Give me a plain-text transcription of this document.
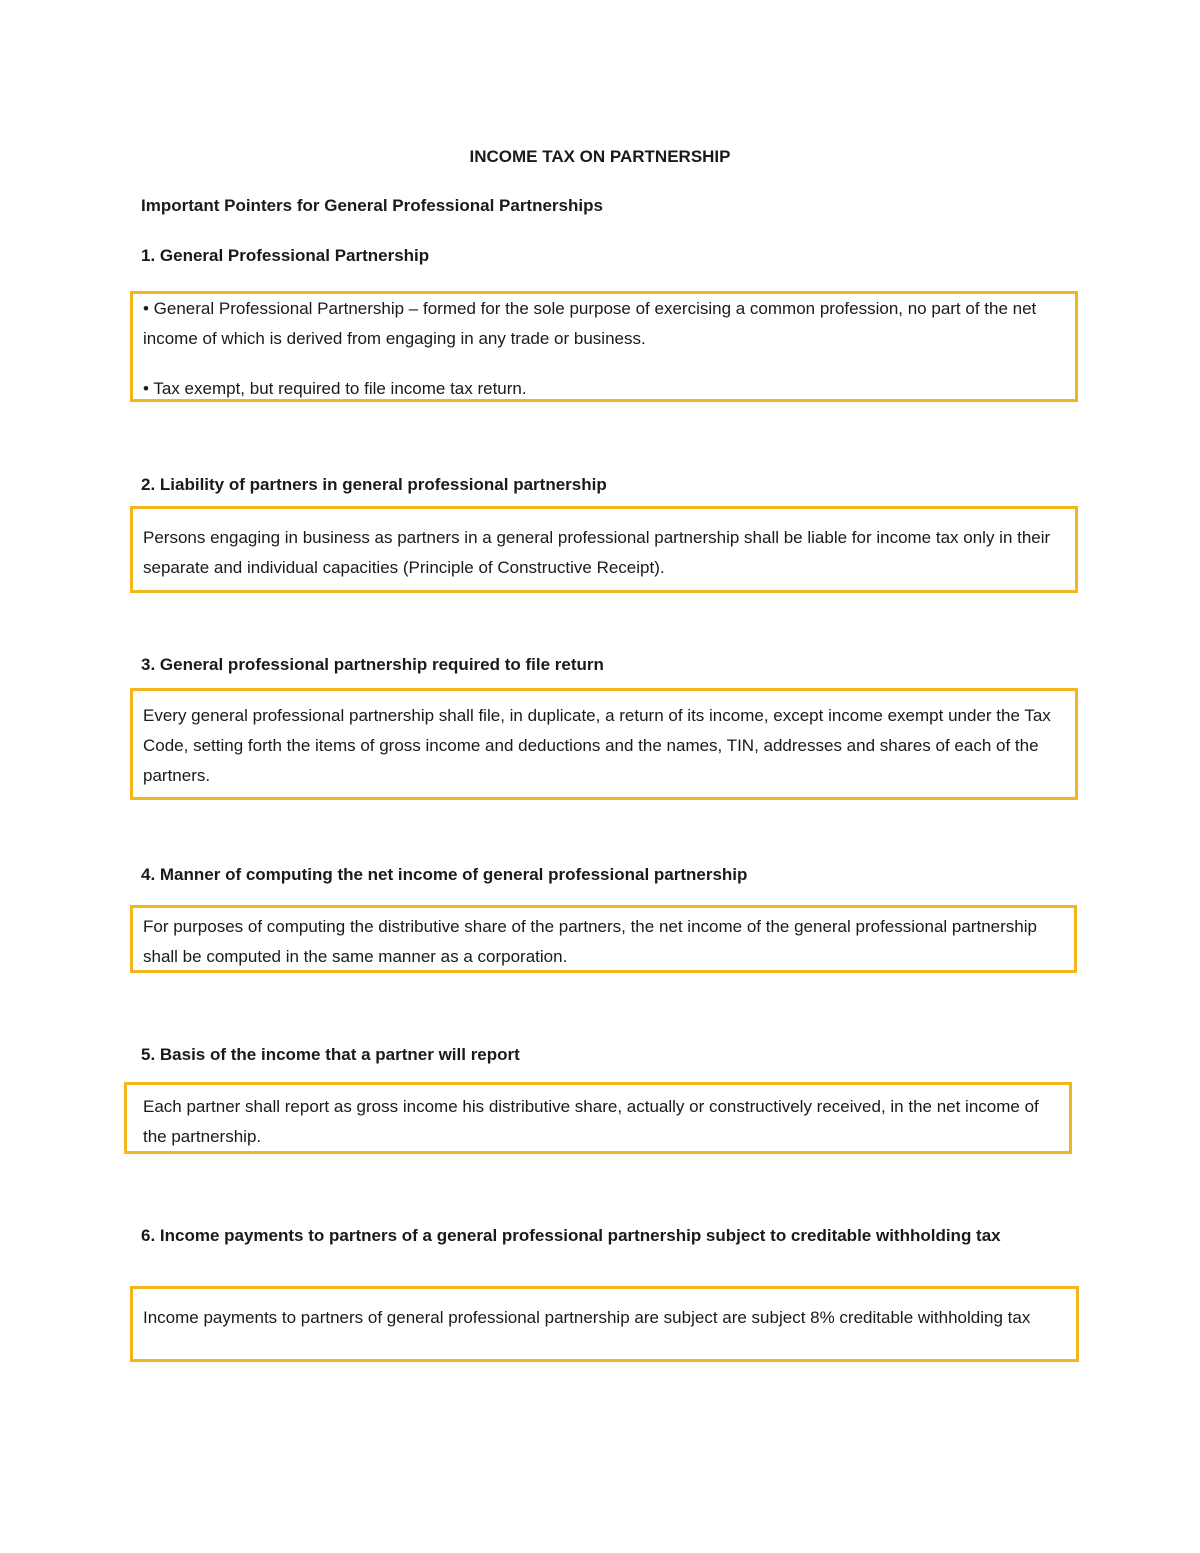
INCOME TAX ON PARTNERSHIP
Important Pointers for General Professional Partnerships
1. General Professional Partnership

• General Professional Partnership – formed for the sole purpose of exercising a common profession, no part of the net income of which is derived from engaging in any trade or business.

• Tax exempt, but required to file income tax return.

2. Liability of partners in general professional partnership

Persons engaging in business as partners in a general professional partnership shall be liable for income tax only in their separate and individual capacities (Principle of Constructive Receipt).

3. General professional partnership required to file return

Every general professional partnership shall file, in duplicate, a return of its income, except income exempt under the Tax Code, setting forth the items of gross income and deductions and the names, TIN, addresses and shares of each of the partners.

4. Manner of computing the net income of general professional partnership

For purposes of computing the distributive share of the partners, the net income of the general professional partnership shall be computed in the same manner as a corporation.

5. Basis of the income that a partner will report

Each partner shall report as gross income his distributive share, actually or constructively received, in the net income of the partnership.

6. Income payments to partners of a general professional partnership subject to creditable withholding tax

Income payments to partners of general professional partnership are subject are subject 8% creditable withholding tax
